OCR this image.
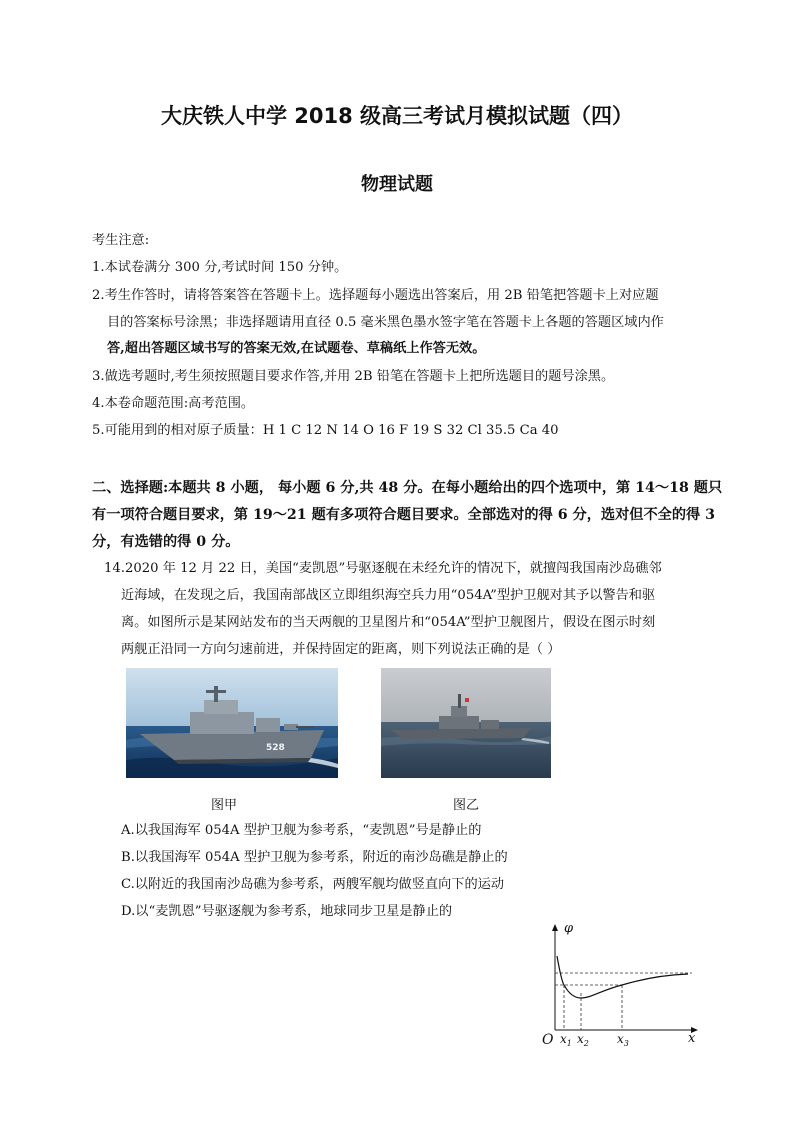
大庆铁人中学 2018 级高三考试月模拟试题（四）
物理试题
考生注意:
1.本试卷满分 300 分,考试时间 150 分钟。
2.考生作答时，请将答案答在答题卡上。选择题每小题选出答案后，用 2B 铅笔把答题卡上对应题
目的答案标号涂黑；非选择题请用直径 0.5 毫米黑色墨水签字笔在答题卡上各题的答题区域内作
答,超出答题区域书写的答案无效,在试题卷、草稿纸上作答无效。
3.做选考题时,考生须按照题目要求作答,并用 2B 铅笔在答题卡上把所选题目的题号涂黑。
4.本卷命题范围:高考范围。
5.可能用到的相对原子质量：H 1 C 12 N 14 O 16 F 19 S 32 Cl 35.5 Ca 40
二、选择题:本题共 8 小题， 每小题 6 分,共 48 分。在每小题给出的四个选项中，第 14～18 题只
有一项符合题目要求，第 19～21 题有多项符合题目要求。全部选对的得 6 分，选对但不全的得 3
分，有选错的得 0 分。
14.2020 年 12 月 22 日，美国“麦凯恩”号驱逐舰在未经允许的情况下，就擅闯我国南沙岛礁邻
近海域，在发现之后，我国南部战区立即组织海空兵力用“054A”型护卫舰对其予以警告和驱
离。如图所示是某网站发布的当天两舰的卫星图片和“054A”型护卫舰图片，假设在图示时刻
两舰正沿同一方向匀速前进，并保持固定的距离，则下列说法正确的是（ ）
528
图甲	图乙
A.以我国海军 054A 型护卫舰为参考系，“麦凯恩”号是静止的
B.以我国海军 054A 型护卫舰为参考系，附近的南沙岛礁是静止的
C.以附近的我国南沙岛礁为参考系，两艘军舰均做竖直向下的运动
D.以“麦凯恩”号驱逐舰为参考系，地球同步卫星是静止的
φ
O	x
$x_1$ $x_2$ $x_3$
